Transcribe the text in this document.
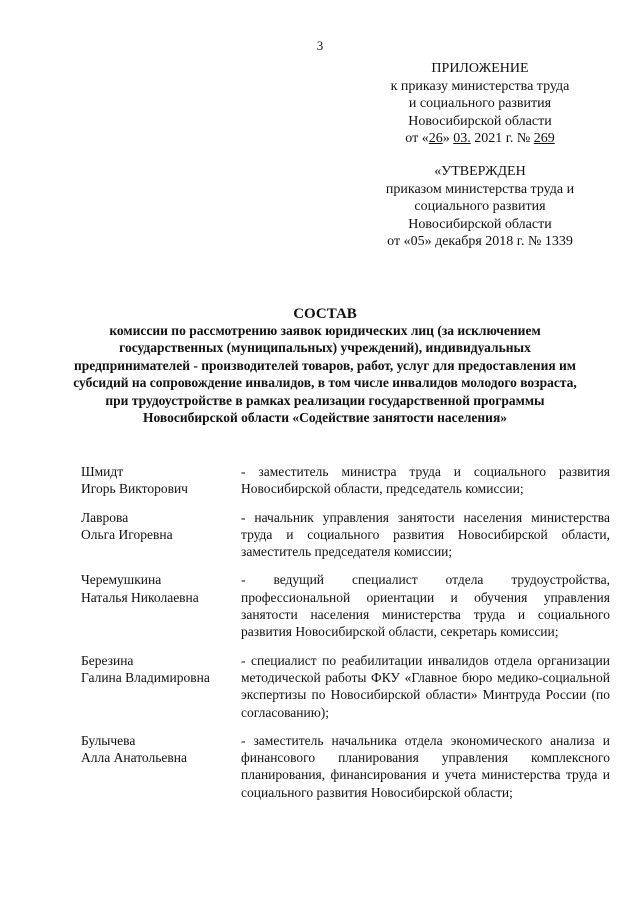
3
ПРИЛОЖЕНИЕ
к приказу министерства труда
и социального развития
Новосибирской области
от «26» 03. 2021 г. № 269
«УТВЕРЖДЕН
приказом министерства труда и
социального развития
Новосибирской области
от «05» декабря 2018 г. № 1339
СОСТАВ
комиссии по рассмотрению заявок юридических лиц (за исключением государственных (муниципальных) учреждений), индивидуальных предпринимателей - производителей товаров, работ, услуг для предоставления им субсидий на сопровождение инвалидов, в том числе инвалидов молодого возраста, при трудоустройстве в рамках реализации государственной программы Новосибирской области «Содействие занятости населения»
Шмидт
Игорь Викторович
- заместитель министра труда и социального развития Новосибирской области, председатель комиссии;
Лаврова
Ольга Игоревна
- начальник управления занятости населения министерства труда и социального развития Новосибирской области, заместитель председателя комиссии;
Черемушкина
Наталья Николаевна
- ведущий специалист отдела трудоустройства, профессиональной ориентации и обучения управления занятости населения министерства труда и социального развития Новосибирской области, секретарь комиссии;
Березина
Галина Владимировна
- специалист по реабилитации инвалидов отдела организации методической работы ФКУ «Главное бюро медико-социальной экспертизы по Новосибирской области» Минтруда России (по согласованию);
Булычева
Алла Анатольевна
- заместитель начальника отдела экономического анализа и финансового планирования управления комплексного планирования, финансирования и учета министерства труда и социального развития Новосибирской области;
